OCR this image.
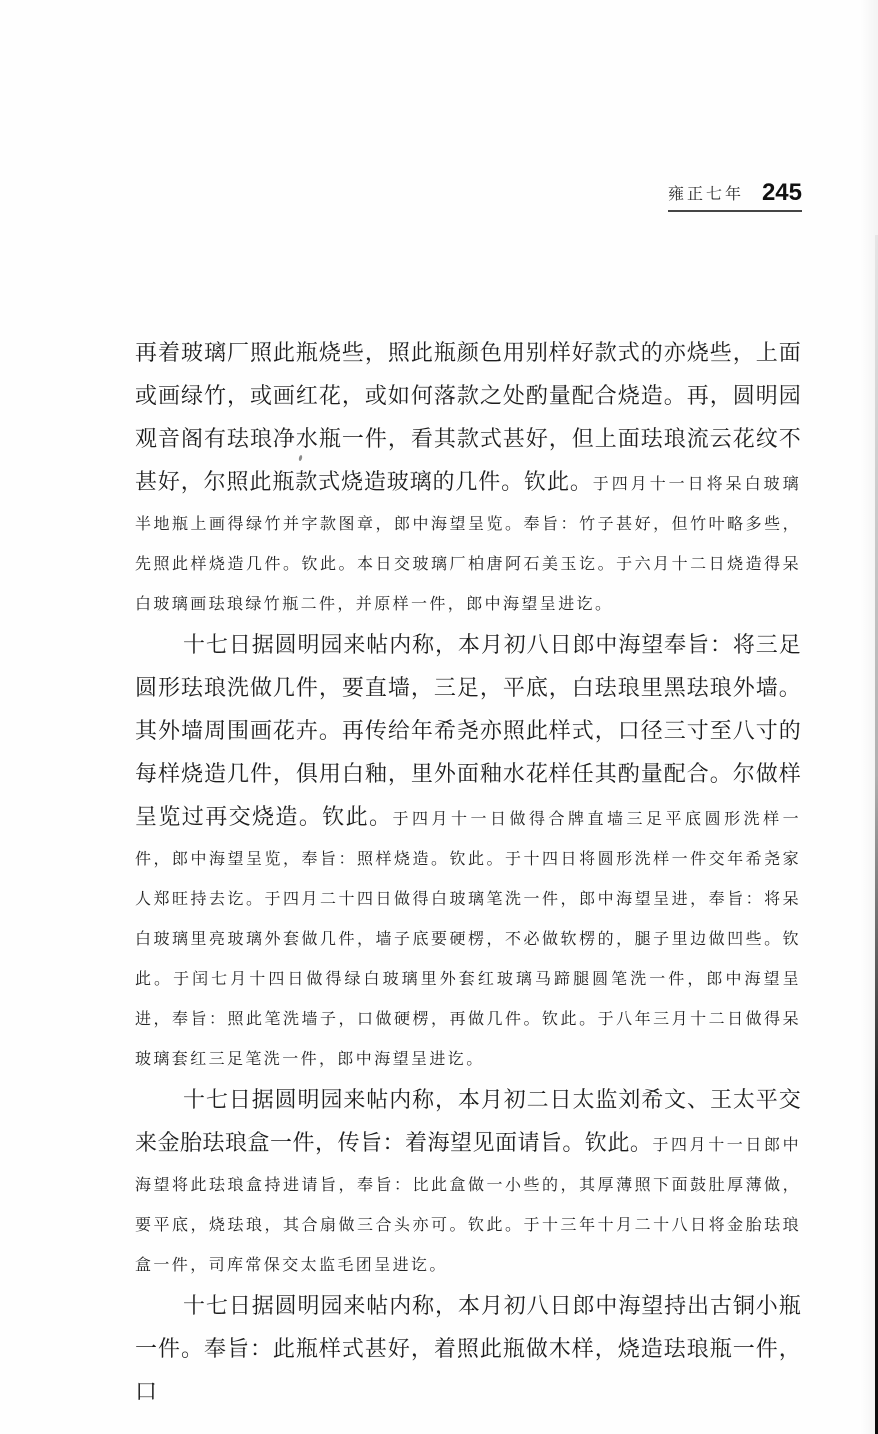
雍正七年 245

再着玻璃厂照此瓶烧些，照此瓶颜色用别样好款式的亦烧些，上面或画绿竹，或画红花，或如何落款之处酌量配合烧造。再，圆明园观音阁有珐琅净水瓶一件，看其款式甚好，但上面珐琅流云花纹不甚好，尔照此瓶款式烧造玻璃的几件。钦此。于四月十一日将呆白玻璃半地瓶上画得绿竹并字款图章，郎中海望呈览。奉旨：竹子甚好，但竹叶略多些，先照此样烧造几件。钦此。本日交玻璃厂柏唐阿石美玉讫。于六月十二日烧造得呆白玻璃画珐琅绿竹瓶二件，并原样一件，郎中海望呈进讫。

十七日据圆明园来帖内称，本月初八日郎中海望奉旨：将三足圆形珐琅洗做几件，要直墙，三足，平底，白珐琅里黑珐琅外墙。其外墙周围画花卉。再传给年希尧亦照此样式，口径三寸至八寸的每样烧造几件，俱用白釉，里外面釉水花样任其酌量配合。尔做样呈览过再交烧造。钦此。于四月十一日做得合牌直墙三足平底圆形洗样一件，郎中海望呈览，奉旨：照样烧造。钦此。于十四日将圆形洗样一件交年希尧家人郑旺持去讫。于四月二十四日做得白玻璃笔洗一件，郎中海望呈进，奉旨：将呆白玻璃里亮玻璃外套做几件，墙子底要硬楞，不必做软楞的，腿子里边做凹些。钦此。于闰七月十四日做得绿白玻璃里外套红玻璃马蹄腿圆笔洗一件，郎中海望呈进，奉旨：照此笔洗墙子，口做硬楞，再做几件。钦此。于八年三月十二日做得呆玻璃套红三足笔洗一件，郎中海望呈进讫。

十七日据圆明园来帖内称，本月初二日太监刘希文、王太平交来金胎珐琅盒一件，传旨：着海望见面请旨。钦此。于四月十一日郎中海望将此珐琅盒持进请旨，奉旨：比此盒做一小些的，其厚薄照下面鼓肚厚薄做，要平底，烧珐琅，其合扇做三合头亦可。钦此。于十三年十月二十八日将金胎珐琅盒一件，司库常保交太监毛团呈进讫。

十七日据圆明园来帖内称，本月初八日郎中海望持出古铜小瓶一件。奉旨：此瓶样式甚好，着照此瓶做木样，烧造珐琅瓶一件，口
